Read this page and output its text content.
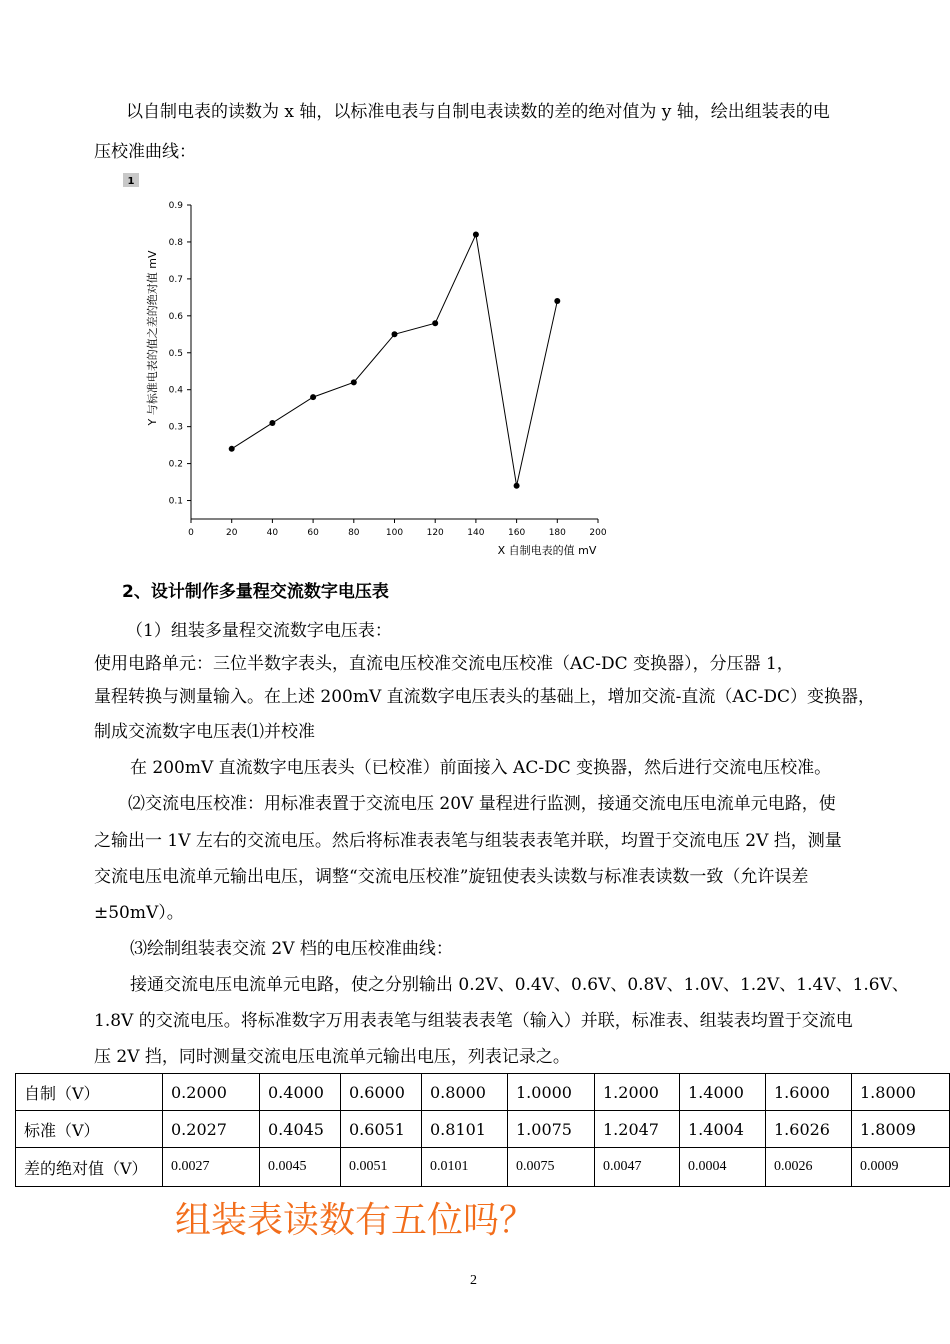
以自制电表的读数为 x 轴，以标准电表与自制电表读数的差的绝对值为 y 轴，绘出组装表的电
压校准曲线：
1
0.1
0.2
0.3
0.4
0.5
0.6
0.7
0.8
0.9
0	20	40	60	80	100	120	140	160	180	200
X 自制电表的值 mV
Y 与标准电表的值之差的绝对值 mV
2、设计制作多量程交流数字电压表
（1）组装多量程交流数字电压表：
使用电路单元：三位半数字表头，直流电压校准交流电压校准（AC-DC 变换器），分压器 1，
量程转换与测量输入。在上述 200mV 直流数字电压表头的基础上，增加交流-直流（AC-DC）变换器，
制成交流数字电压表⑴并校准
在 200mV 直流数字电压表头（已校准）前面接入 AC-DC 变换器，然后进行交流电压校准。
⑵交流电压校准：用标准表置于交流电压 20V 量程进行监测，接通交流电压电流单元电路，使
之输出一 1V 左右的交流电压。然后将标准表表笔与组装表表笔并联，均置于交流电压 2V 挡，测量
交流电压电流单元输出电压，调整“交流电压校准”旋钮使表头读数与标准表读数一致（允许误差
±50mV）。
⑶绘制组装表交流 2V 档的电压校准曲线：
接通交流电压电流单元电路，使之分别输出 0.2V、0.4V、0.6V、0.8V、1.0V、1.2V、1.4V、1.6V、
1.8V 的交流电压。将标准数字万用表表笔与组装表表笔（输入）并联，标准表、组装表均置于交流电
压 2V 挡，同时测量交流电压电流单元输出电压，列表记录之。
自制（V）	0.2000	0.4000	0.6000	0.8000	1.0000	1.2000	1.4000	1.6000	1.8000
标准（V）	0.2027	0.4045	0.6051	0.8101	1.0075	1.2047	1.4004	1.6026	1.8009
差的绝对值（V）	0.0027	0.0045	0.0051	0.0101	0.0075	0.0047	0.0004	0.0026	0.0009
组装表读数有五位吗？
2
